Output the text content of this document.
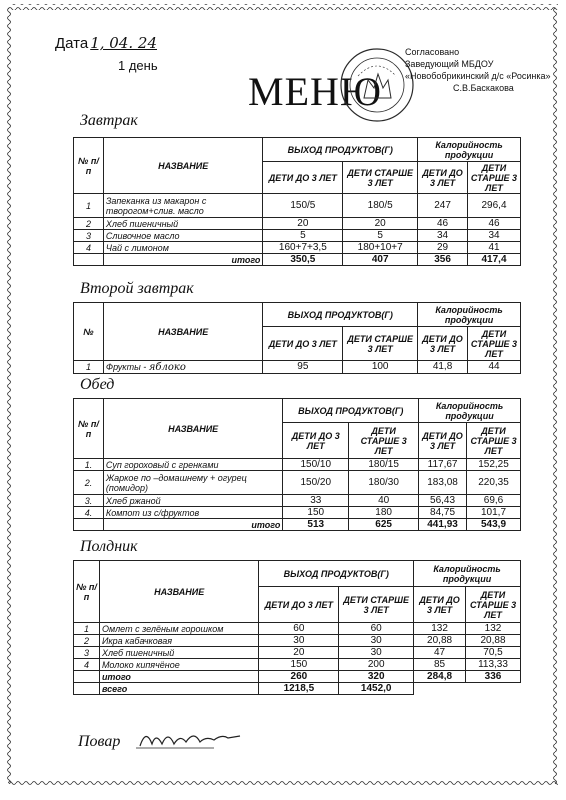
Дата 1, 04. 24
1 день
МЕНЮ
Согласовано
Заведующий МБДОУ
«Новобобрикинский д/с «Росинка»
С.В.Баскакова
Завтрак
№ п/п	НАЗВАНИЕ	ВЫХОД ПРОДУКТОВ(Г)		Калорийность продукции	
		ДЕТИ ДО 3 ЛЕТ	ДЕТИ СТАРШЕ 3 ЛЕТ	ДЕТИ ДО 3 ЛЕТ	ДЕТИ СТАРШЕ 3 ЛЕТ
1	Запеканка из макарон с творогом+слив. масло	150/5	180/5	247	296,4
2	Хлеб пшеничный	20	20	46	46
3	Сливочное масло	5	5	34	34
4	Чай с лимоном	160+7+3,5	180+10+7	29	41
	итого	350,5	407	356	417,4
Второй завтрак
№	НАЗВАНИЕ	ВЫХОД ПРОДУКТОВ(Г)		Калорийность продукции	
		ДЕТИ ДО 3 ЛЕТ	ДЕТИ СТАРШЕ 3 ЛЕТ	ДЕТИ ДО 3 ЛЕТ	ДЕТИ СТАРШЕ 3 ЛЕТ
1	Фрукты - яблоко	95	100	41,8	44
Обед
№ п/п	НАЗВАНИЕ	ВЫХОД ПРОДУКТОВ(Г)		Калорийность продукции	
		ДЕТИ ДО 3 ЛЕТ	ДЕТИ СТАРШЕ 3 ЛЕТ	ДЕТИ ДО 3 ЛЕТ	ДЕТИ СТАРШЕ 3 ЛЕТ
1.	Суп гороховый с гренками	150/10	180/15	117,67	152,25
2.	Жаркое по –домашнему + огурец (помидор)	150/20	180/30	183,08	220,35
3.	Хлеб ржаной	33	40	56,43	69,6
4.	Компот из с/фруктов	150	180	84,75	101,7
	итого	513	625	441,93	543,9
Полдник
№ п/п	НАЗВАНИЕ	ВЫХОД ПРОДУКТОВ(Г)		Калорийность продукции	
		ДЕТИ ДО 3 ЛЕТ	ДЕТИ СТАРШЕ 3 ЛЕТ	ДЕТИ ДО 3 ЛЕТ	ДЕТИ СТАРШЕ 3 ЛЕТ
1	Омлет с зелёным горошком	60	60	132	132
2	Икра кабачковая	30	30	20,88	20,88
3	Хлеб пшеничный	20	30	47	70,5
4	Молоко кипячёное	150	200	85	113,33
	итого	260	320	284,8	336
	всего	1218,5	1452,0		
Повар
